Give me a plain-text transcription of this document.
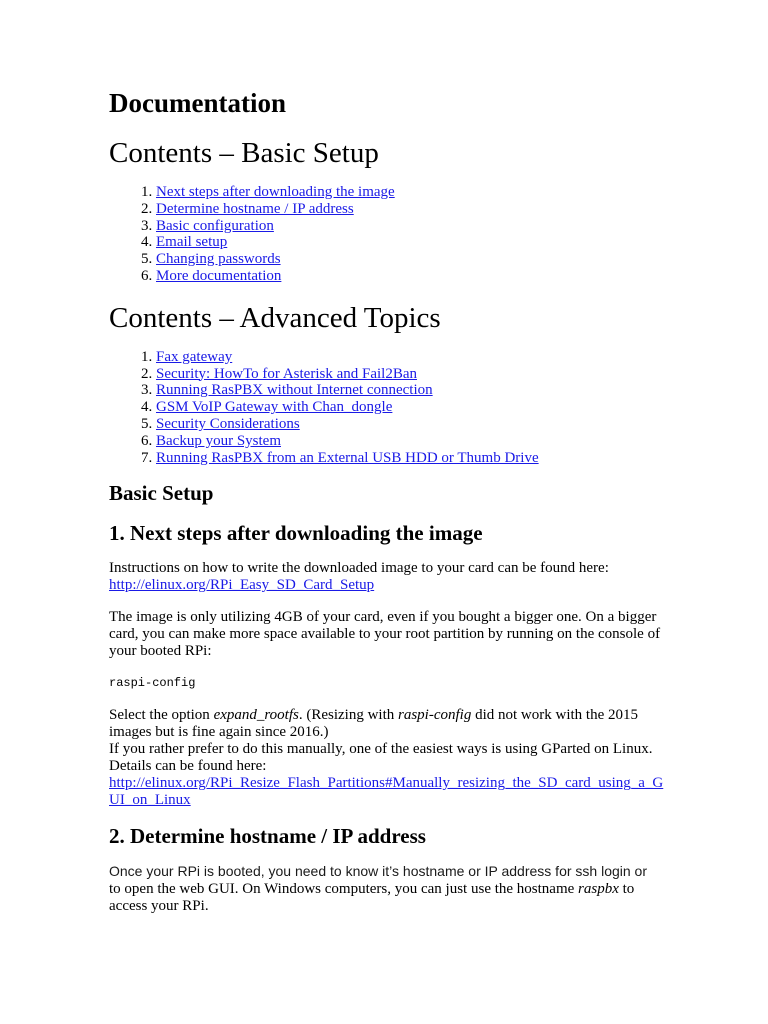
Documentation
Contents – Basic Setup
1. Next steps after downloading the image
2. Determine hostname / IP address
3. Basic configuration
4. Email setup
5. Changing passwords
6. More documentation
Contents – Advanced Topics
1. Fax gateway
2. Security: HowTo for Asterisk and Fail2Ban
3. Running RasPBX without Internet connection
4. GSM VoIP Gateway with Chan_dongle
5. Security Considerations
6. Backup your System
7. Running RasPBX from an External USB HDD or Thumb Drive
Basic Setup
1. Next steps after downloading the image

Instructions on how to write the downloaded image to your card can be found here:
http://elinux.org/RPi_Easy_SD_Card_Setup

The image is only utilizing 4GB of your card, even if you bought a bigger one. On a bigger card, you can make more space available to your root partition by running on the console of your booted RPi:

raspi-config

Select the option expand_rootfs. (Resizing with raspi-config did not work with the 2015 images but is fine again since 2016.)

If you rather prefer to do this manually, one of the easiest ways is using GParted on Linux. Details can be found here:
http://elinux.org/RPi_Resize_Flash_Partitions#Manually_resizing_the_SD_card_using_a_GUI_on_Linux

2. Determine hostname / IP address

Once your RPi is booted, you need to know it’s hostname or IP address for ssh login or
to open the web GUI. On Windows computers, you can just use the hostname raspbx to access your RPi.
